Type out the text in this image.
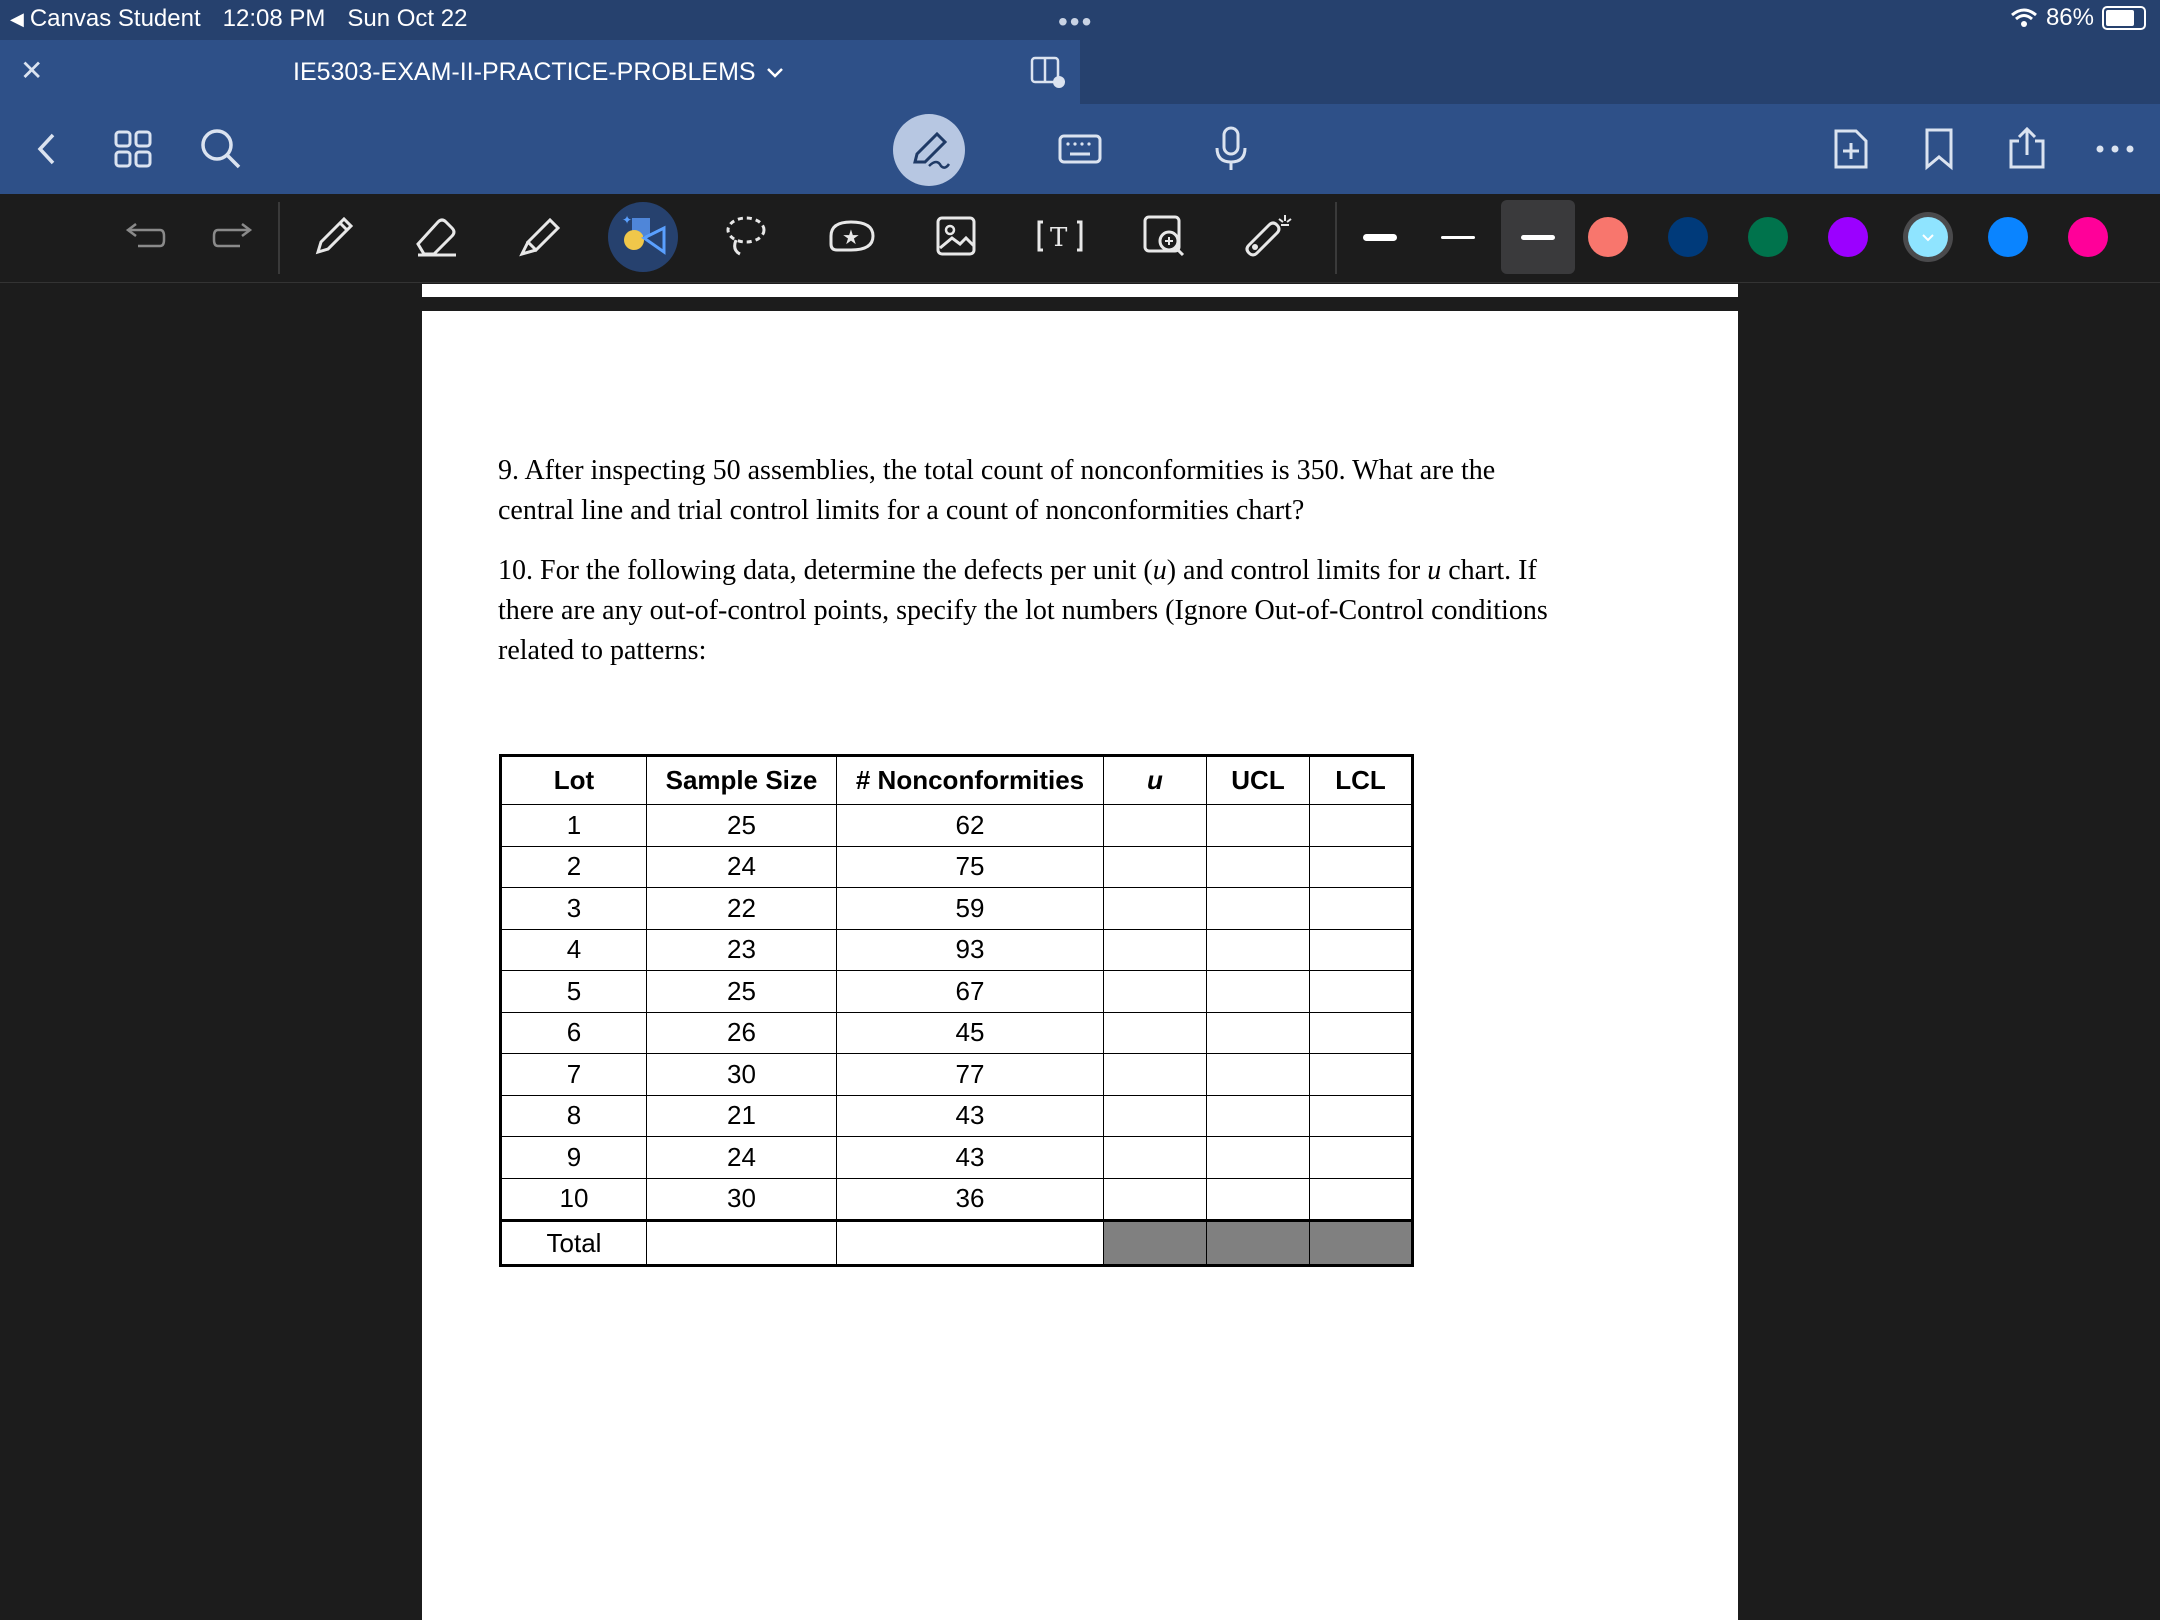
◀ Canvas Student 12:08 PM Sun Oct 22	•••	86%
✕	IE5303-EXAM-II-PRACTICE-PROBLEMS
✦
★	T
9. After inspecting 50 assemblies, the total count of nonconformities is 350. What are the
central line and trial control limits for a count of nonconformities chart?
10. For the following data, determine the defects per unit (u) and control limits for u chart. If
there are any out-of-control points, specify the lot numbers (Ignore Out-of-Control conditions
related to patterns:
Lot	Sample Size	# Nonconformities	u	UCL	LCL
1	25	62			
2	24	75			
3	22	59			
4	23	93			
5	25	67			
6	26	45			
7	30	77			
8	21	43			
9	24	43			
10	30	36			
Total					
